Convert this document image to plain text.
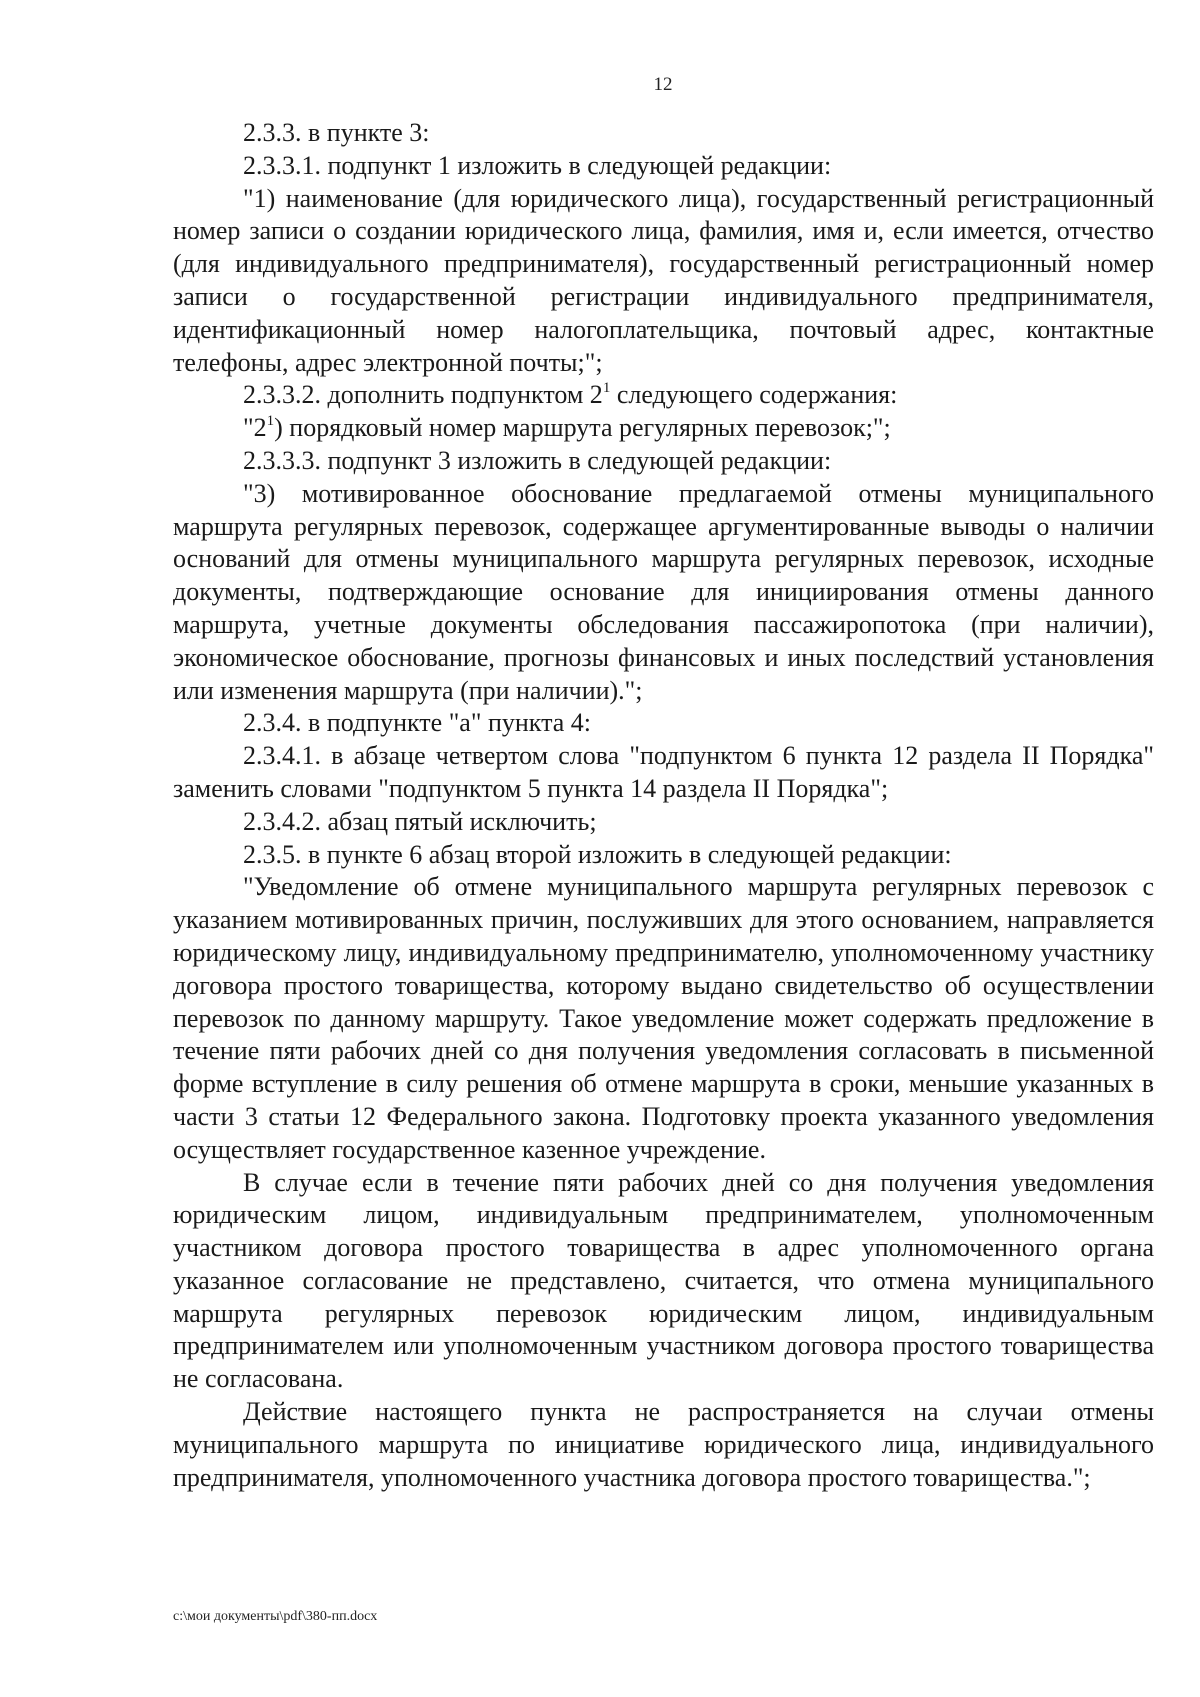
12

2.3.3. в пункте 3:

2.3.3.1. подпункт 1 изложить в следующей редакции:

"1) наименование (для юридического лица), государственный регистрационный номер записи о создании юридического лица, фамилия, имя и, если имеется, отчество (для индивидуального предпринимателя), государственный регистрационный номер записи о государственной регистрации индивидуального предпринимателя, идентификационный номер налогоплательщика, почтовый адрес, контактные телефоны, адрес электронной почты;";

2.3.3.2. дополнить подпунктом $2^1$ следующего содержания:

"$2^1$) порядковый номер маршрута регулярных перевозок;";

2.3.3.3. подпункт 3 изложить в следующей редакции:

"3) мотивированное обоснование предлагаемой отмены муниципального маршрута регулярных перевозок, содержащее аргументированные выводы о наличии оснований для отмены муниципального маршрута регулярных перевозок, исходные документы, подтверждающие основание для инициирования отмены данного маршрута, учетные документы обследования пассажиропотока (при наличии), экономическое обоснование, прогнозы финансовых и иных последствий установления или изменения маршрута (при наличии).";

2.3.4. в подпункте "а" пункта 4:

2.3.4.1. в абзаце четвертом слова "подпунктом 6 пункта 12 раздела II Порядка" заменить словами "подпунктом 5 пункта 14 раздела II Порядка";

2.3.4.2. абзац пятый исключить;

2.3.5. в пункте 6 абзац второй изложить в следующей редакции:

"Уведомление об отмене муниципального маршрута регулярных перевозок с указанием мотивированных причин, послуживших для этого основанием, направляется юридическому лицу, индивидуальному предпринимателю, уполномоченному участнику договора простого товарищества, которому выдано свидетельство об осуществлении перевозок по данному маршруту. Такое уведомление может содержать предложение в течение пяти рабочих дней со дня получения уведомления согласовать в письменной форме вступление в силу решения об отмене маршрута в сроки, меньшие указанных в части 3 статьи 12 Федерального закона. Подготовку проекта указанного уведомления осуществляет государственное казенное учреждение.

В случае если в течение пяти рабочих дней со дня получения уведомления юридическим лицом, индивидуальным предпринимателем, уполномоченным участником договора простого товарищества в адрес уполномоченного органа указанное согласование не представлено, считается, что отмена муниципального маршрута регулярных перевозок юридическим лицом, индивидуальным предпринимателем или уполномоченным участником договора простого товарищества не согласована.

Действие настоящего пункта не распространяется на случаи отмены муниципального маршрута по инициативе юридического лица, индивидуального предпринимателя, уполномоченного участника договора простого товарищества.";

c:\мои документы\pdf\380-пп.docx
